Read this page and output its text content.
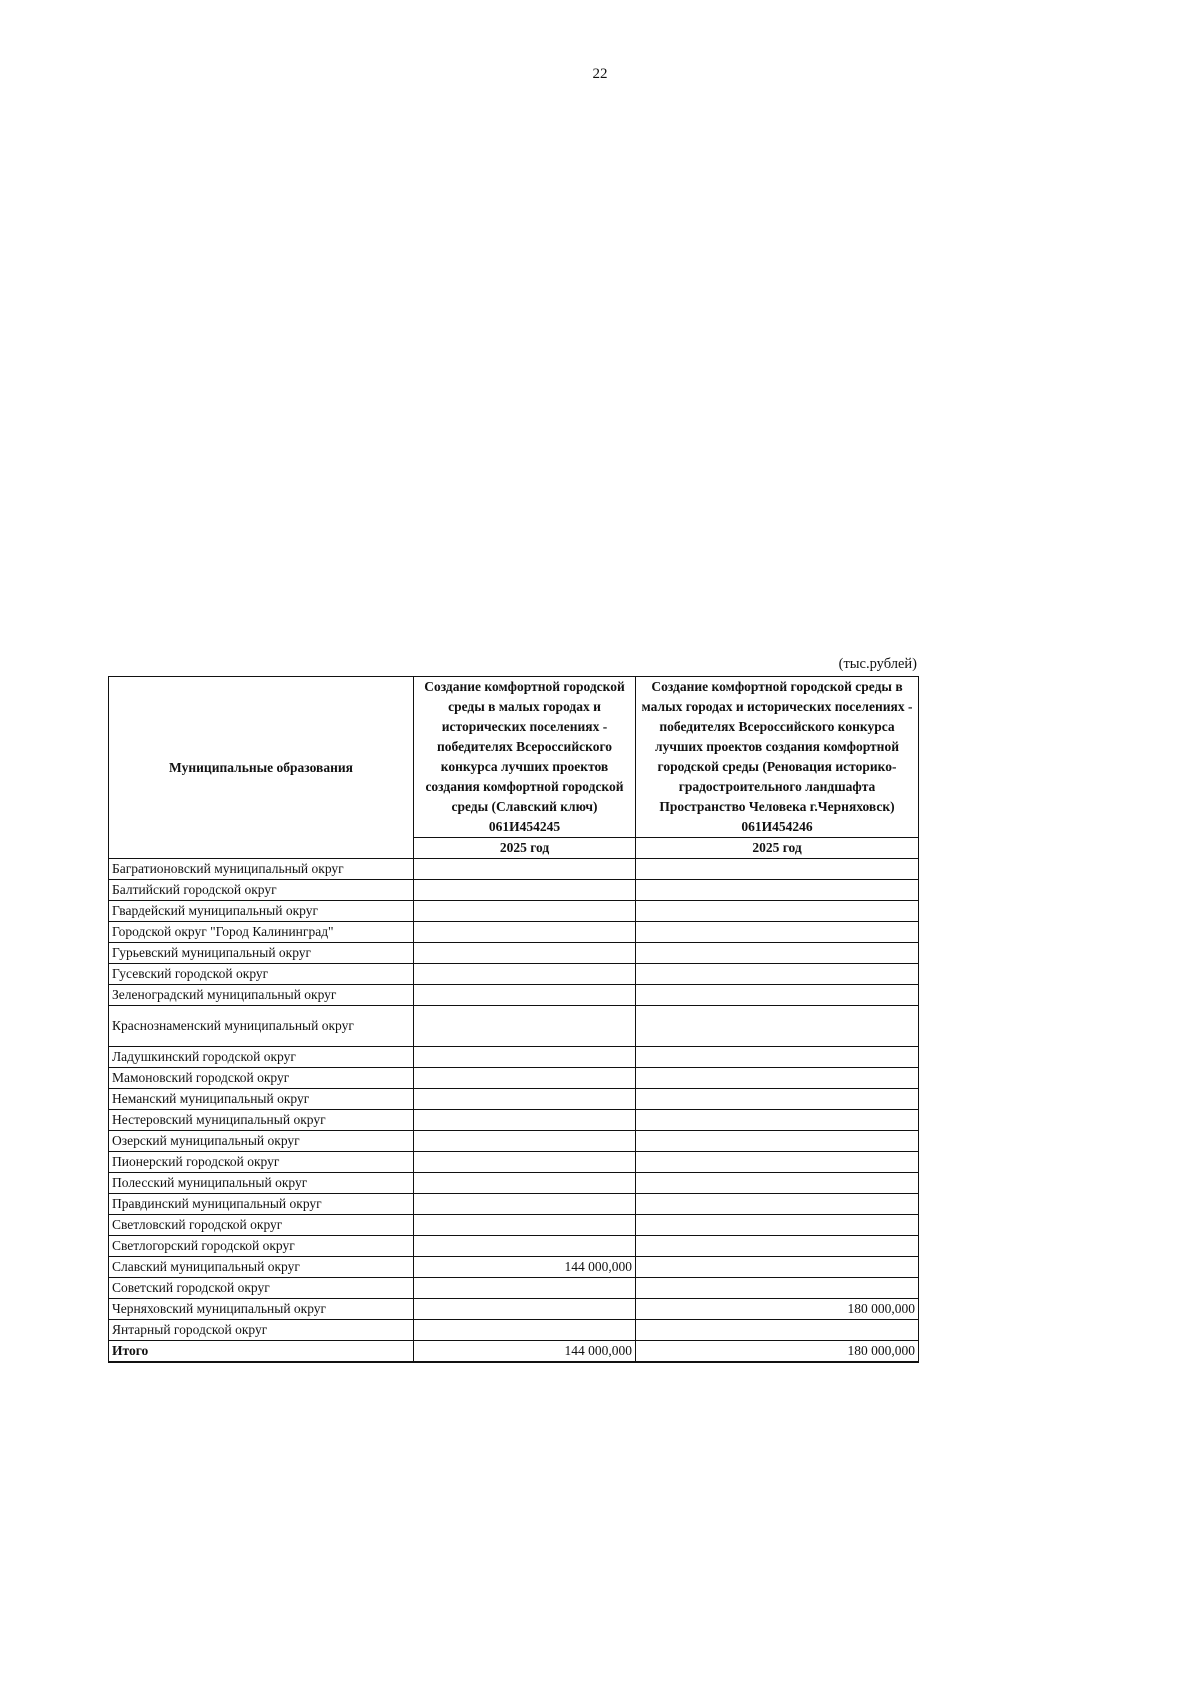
22
(тыс.рублей)
Муниципальные образования	Создание комфортной городской среды в малых городах и исторических поселениях - победителях Всероссийского конкурса лучших проектов создания комфортной городской среды (Славский ключ) 061И454245	Создание комфортной городской среды в малых городах и исторических поселениях - победителях Всероссийского конкурса лучших проектов создания комфортной городской среды (Реновация историко-градостроительного ландшафта Пространство Человека г.Черняховск) 061И454246
	2025 год	2025 год
Багратионовский муниципальный округ		
Балтийский городской округ		
Гвардейский муниципальный округ		
Городской округ "Город Калининград"		
Гурьевский муниципальный округ		
Гусевский городской округ		
Зеленоградский муниципальный округ		
Краснознаменский муниципальный округ		
Ладушкинский городской округ		
Мамоновский городской округ		
Неманский муниципальный округ		
Нестеровский муниципальный округ		
Озерский муниципальный округ		
Пионерский городской округ		
Полесский муниципальный округ		
Правдинский муниципальный округ		
Светловский городской округ		
Светлогорский городской округ		
Славский муниципальный округ	144 000,000	
Советский городской округ		
Черняховский муниципальный округ		180 000,000
Янтарный городской округ		
Итого	144 000,000	180 000,000
